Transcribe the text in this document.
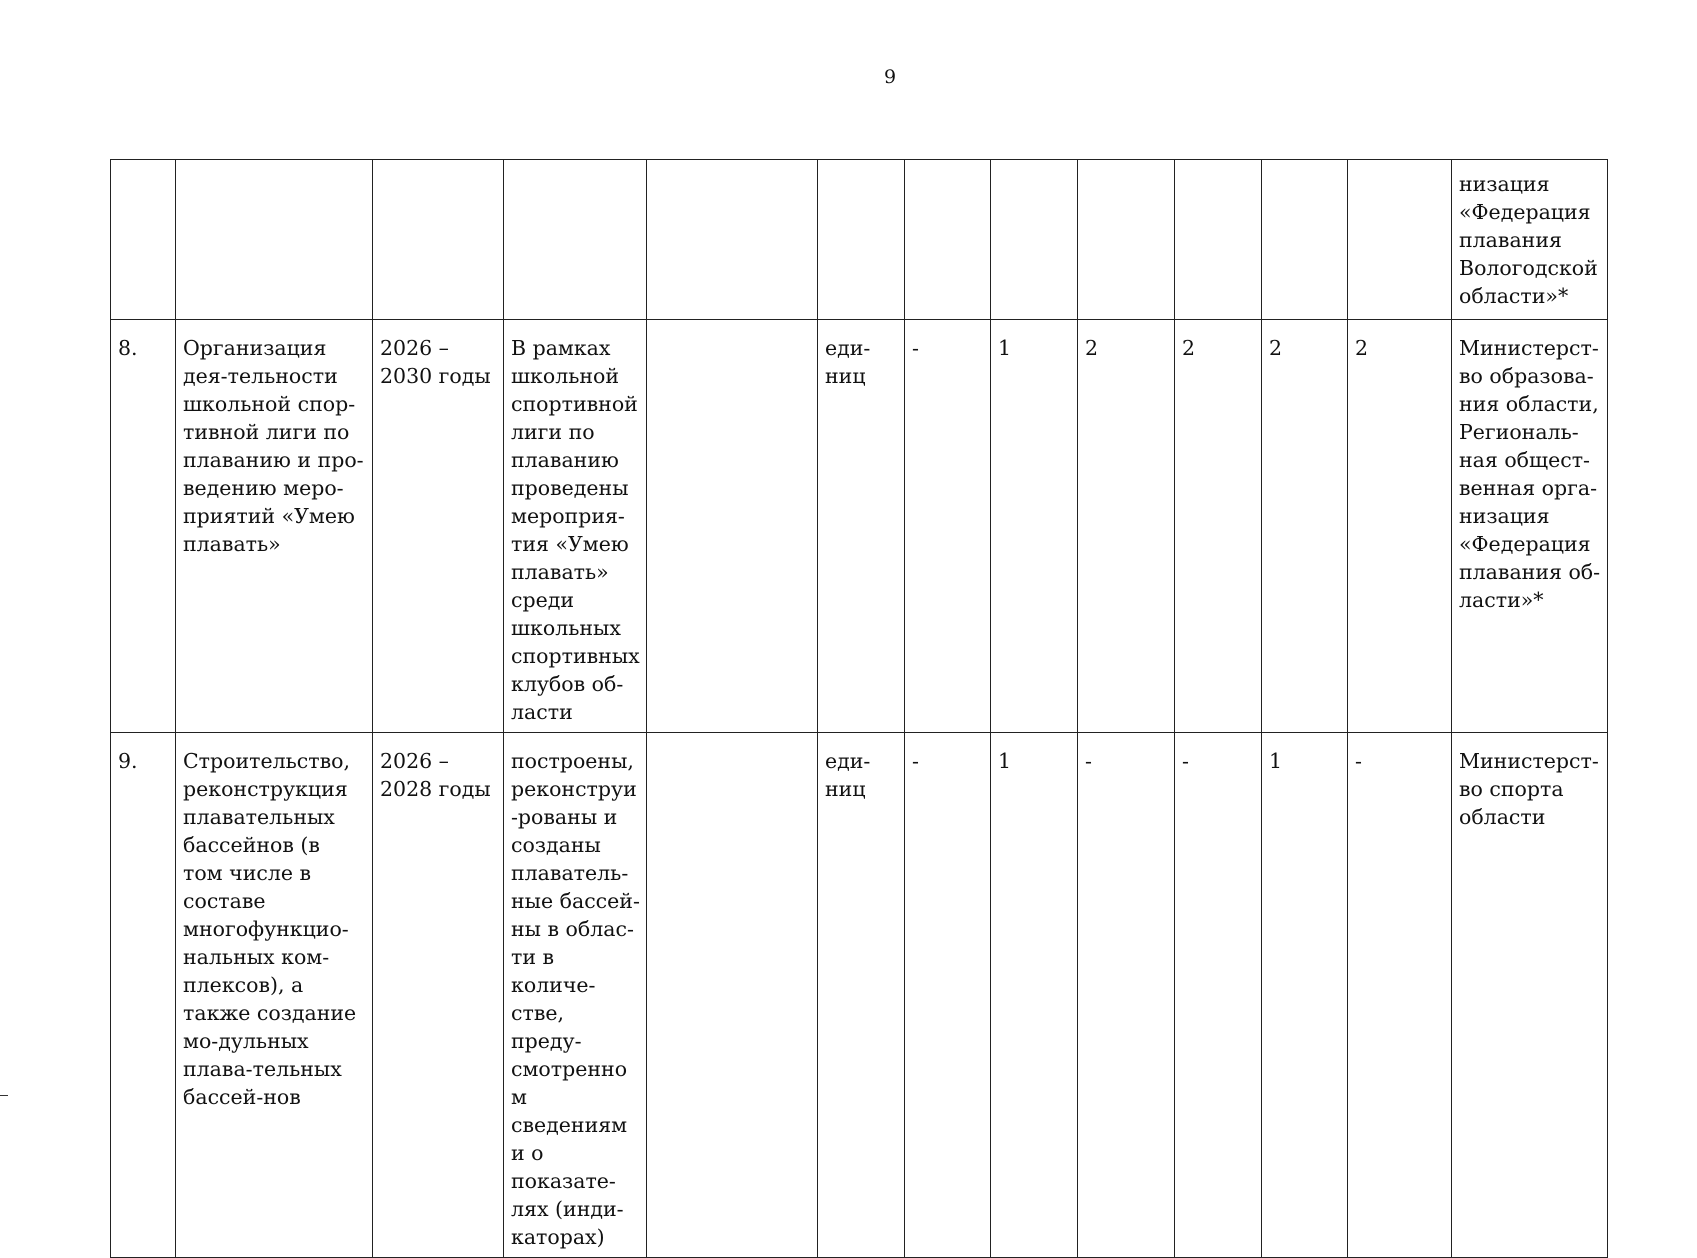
9
												низация «Федерация плавания Вологодской области»*
8.	Организация дея-тельности школьной спор-тивной лиги по плаванию и про-ведению меро-приятий «Умею плавать»	2026 – 2030 годы	В рамках школьной спортивной лиги по плаванию проведены мероприя-тия «Умею плавать» среди школьных спортивных клубов об-ласти		еди-ниц	-	1	2	2	2	2	Министерст-во образова-ния области, Региональ-ная общест-венная орга-низация «Федерация плавания об-ласти»*
9.	Строительство, реконструкция плавательных бассейнов (в том числе в составе многофункцио-нальных ком-плексов), а также создание мо-дульных плава-тельных бассей-нов	2026 – 2028 годы	построены, реконструи-рованы и созданы плаватель-ные бассей-ны в облас-ти в количе-стве, преду-смотренном сведениями о показате-лях (инди-каторах)		еди-ниц	-	1	-	-	1	-	Министерст-во спорта области
